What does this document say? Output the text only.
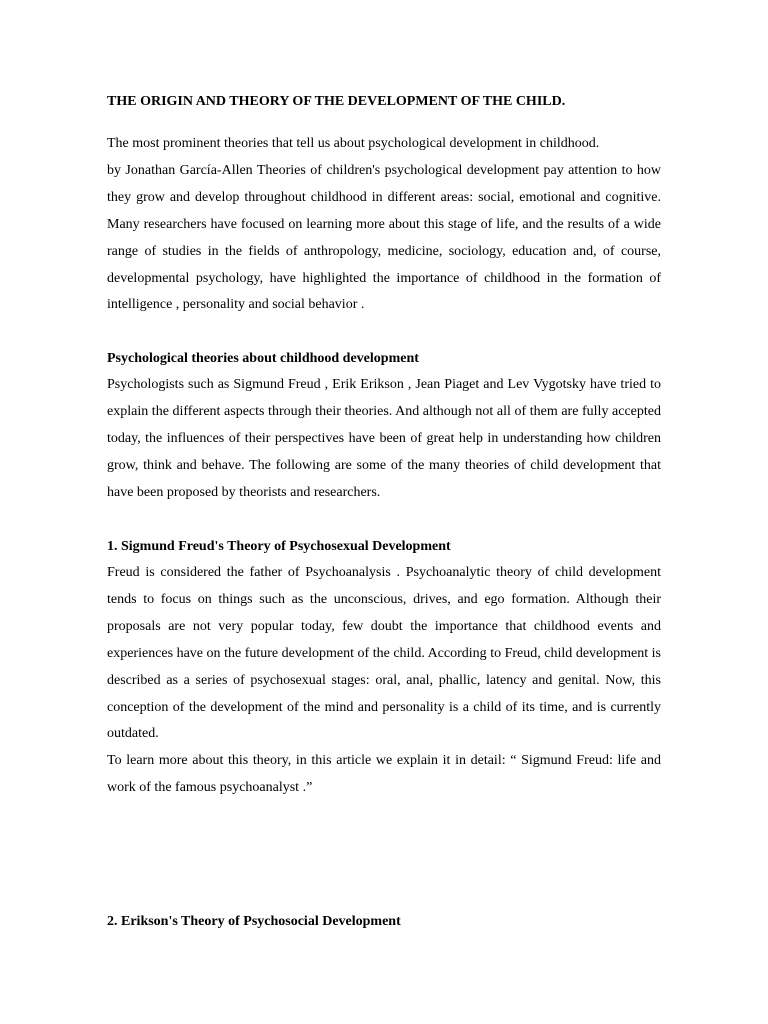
THE ORIGIN AND THEORY OF THE DEVELOPMENT OF THE CHILD.

The most prominent theories that tell us about psychological development in childhood.

by Jonathan García-Allen Theories of children's psychological development pay attention to how they grow and develop throughout childhood in different areas: social, emotional and cognitive. Many researchers have focused on learning more about this stage of life, and the results of a wide range of studies in the fields of anthropology, medicine, sociology, education and, of course, developmental psychology, have highlighted the importance of childhood in the formation of intelligence , personality and social behavior .

Psychological theories about childhood development
Psychologists such as Sigmund Freud , Erik Erikson , Jean Piaget and Lev Vygotsky have tried to explain the different aspects through their theories. And although not all of them are fully accepted today, the influences of their perspectives have been of great help in understanding how children grow, think and behave. The following are some of the many theories of child development that have been proposed by theorists and researchers.
1. Sigmund Freud's Theory of Psychosexual Development

Freud is considered the father of Psychoanalysis . Psychoanalytic theory of child development tends to focus on things such as the unconscious, drives, and ego formation. Although their proposals are not very popular today, few doubt the importance that childhood events and experiences have on the future development of the child. According to Freud, child development is described as a series of psychosexual stages: oral, anal, phallic, latency and genital. Now, this conception of the development of the mind and personality is a child of its time, and is currently outdated.

To learn more about this theory, in this article we explain it in detail: “ Sigmund Freud: life and work of the famous psychoanalyst .”

2. Erikson's Theory of Psychosocial Development
